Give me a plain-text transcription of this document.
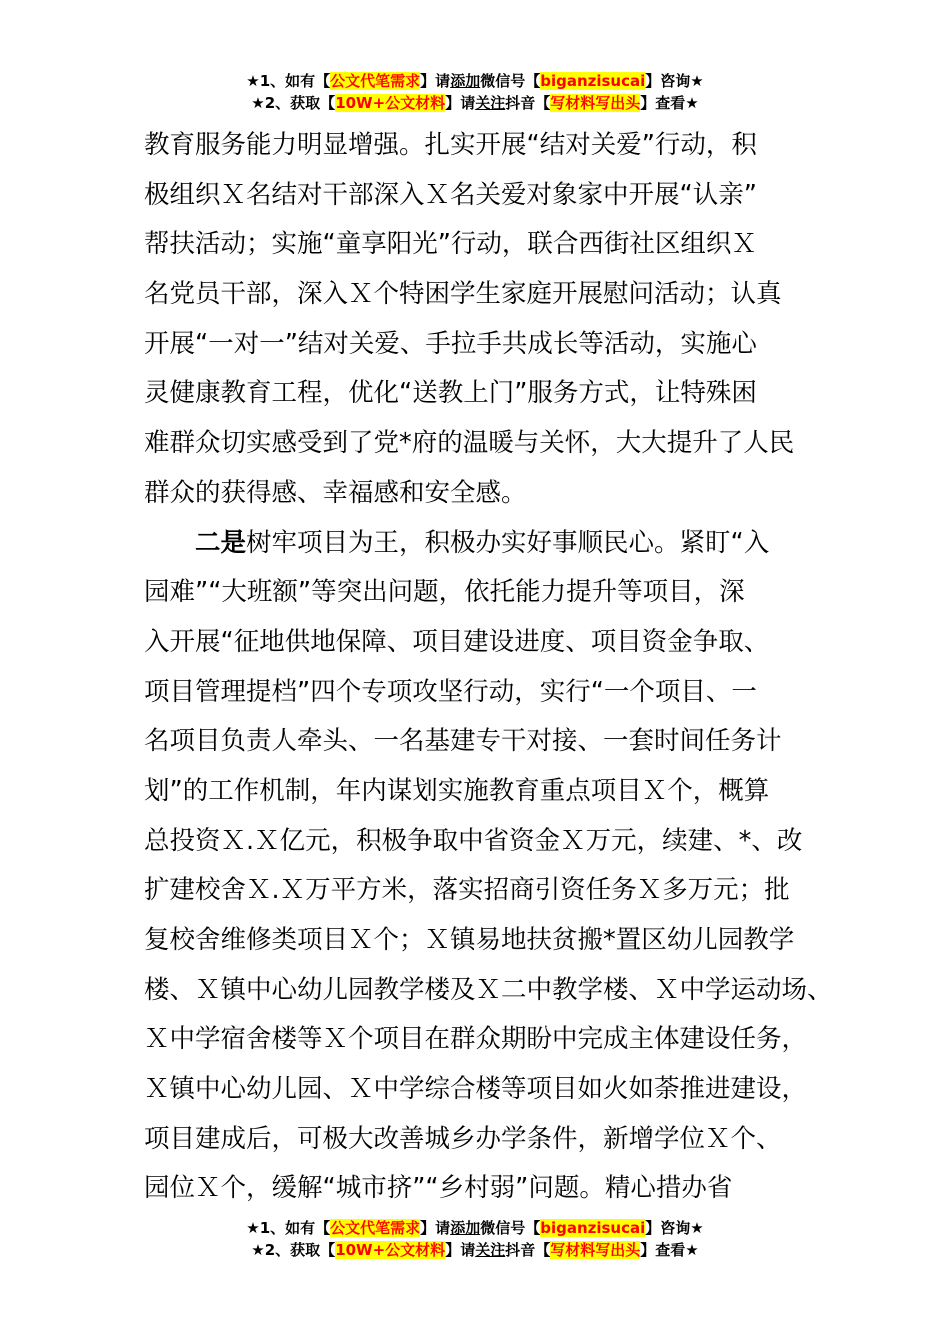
★1、如有【公文代笔需求】请添加微信号【biganzisucai】咨询★
★2、获取【10W+公文材料】请关注抖音【写材料写出头】查看★
教育服务能力明显增强。扎实开展“结对关爱”行动，积
极组织Ｘ名结对干部深入Ｘ名关爱对象家中开展“认亲”
帮扶活动；实施“童享阳光”行动，联合西街社区组织Ｘ
名党员干部，深入Ｘ个特困学生家庭开展慰问活动；认真
开展“一对一”结对关爱、手拉手共成长等活动，实施心
灵健康教育工程，优化“送教上门”服务方式，让特殊困
难群众切实感受到了党*府的温暖与关怀，大大提升了人民
群众的获得感、幸福感和安全感。
二是树牢项目为王，积极办实好事顺民心。紧盯“入
园难”“大班额”等突出问题，依托能力提升等项目，深
入开展“征地供地保障、项目建设进度、项目资金争取、
项目管理提档”四个专项攻坚行动，实行“一个项目、一
名项目负责人牵头、一名基建专干对接、一套时间任务计
划”的工作机制，年内谋划实施教育重点项目Ｘ个，概算
总投资Ｘ.Ｘ亿元，积极争取中省资金Ｘ万元，续建、*、改
扩建校舍Ｘ.Ｘ万平方米，落实招商引资任务Ｘ多万元；批
复校舍维修类项目Ｘ个；Ｘ镇易地扶贫搬*置区幼儿园教学
楼、Ｘ镇中心幼儿园教学楼及Ｘ二中教学楼、Ｘ中学运动场、
Ｘ中学宿舍楼等Ｘ个项目在群众期盼中完成主体建设任务，
Ｘ镇中心幼儿园、Ｘ中学综合楼等项目如火如荼推进建设，
项目建成后，可极大改善城乡办学条件，新增学位Ｘ个、
园位Ｘ个，缓解“城市挤”“乡村弱”问题。精心措办省
★1、如有【公文代笔需求】请添加微信号【biganzisucai】咨询★
★2、获取【10W+公文材料】请关注抖音【写材料写出头】查看★
